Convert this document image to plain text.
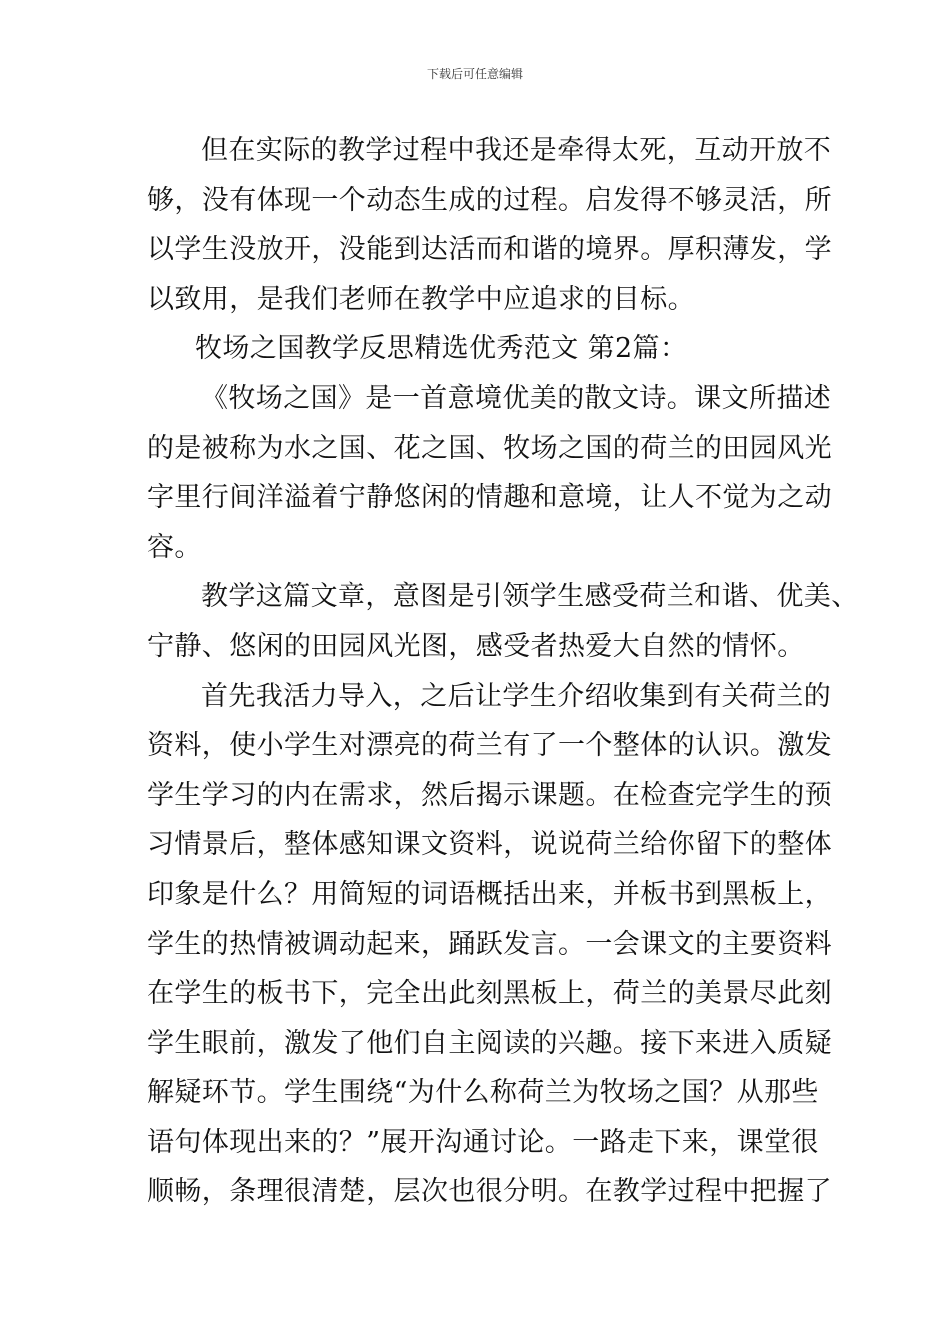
下载后可任意编辑
但在实际的教学过程中我还是牵得太死，互动开放不
够，没有体现一个动态生成的过程。启发得不够灵活，所
以学生没放开，没能到达活而和谐的境界。厚积薄发，学
以致用，是我们老师在教学中应追求的目标。
牧场之国教学反思精选优秀范文 第2篇：
《牧场之国》是一首意境优美的散文诗。课文所描述
的是被称为水之国、花之国、牧场之国的荷兰的田园风光
字里行间洋溢着宁静悠闲的情趣和意境，让人不觉为之动
容。
教学这篇文章，意图是引领学生感受荷兰和谐、优美、
宁静、悠闲的田园风光图，感受者热爱大自然的情怀。
首先我活力导入，之后让学生介绍收集到有关荷兰的
资料，使小学生对漂亮的荷兰有了一个整体的认识。激发
学生学习的内在需求，然后揭示课题。在检查完学生的预
习情景后，整体感知课文资料，说说荷兰给你留下的整体
印象是什么？用简短的词语概括出来，并板书到黑板上，
学生的热情被调动起来，踊跃发言。一会课文的主要资料
在学生的板书下，完全出此刻黑板上，荷兰的美景尽此刻
学生眼前，激发了他们自主阅读的兴趣。接下来进入质疑
解疑环节。学生围绕“为什么称荷兰为牧场之国？从那些
语句体现出来的？”展开沟通讨论。一路走下来，课堂很
顺畅，条理很清楚，层次也很分明。在教学过程中把握了
